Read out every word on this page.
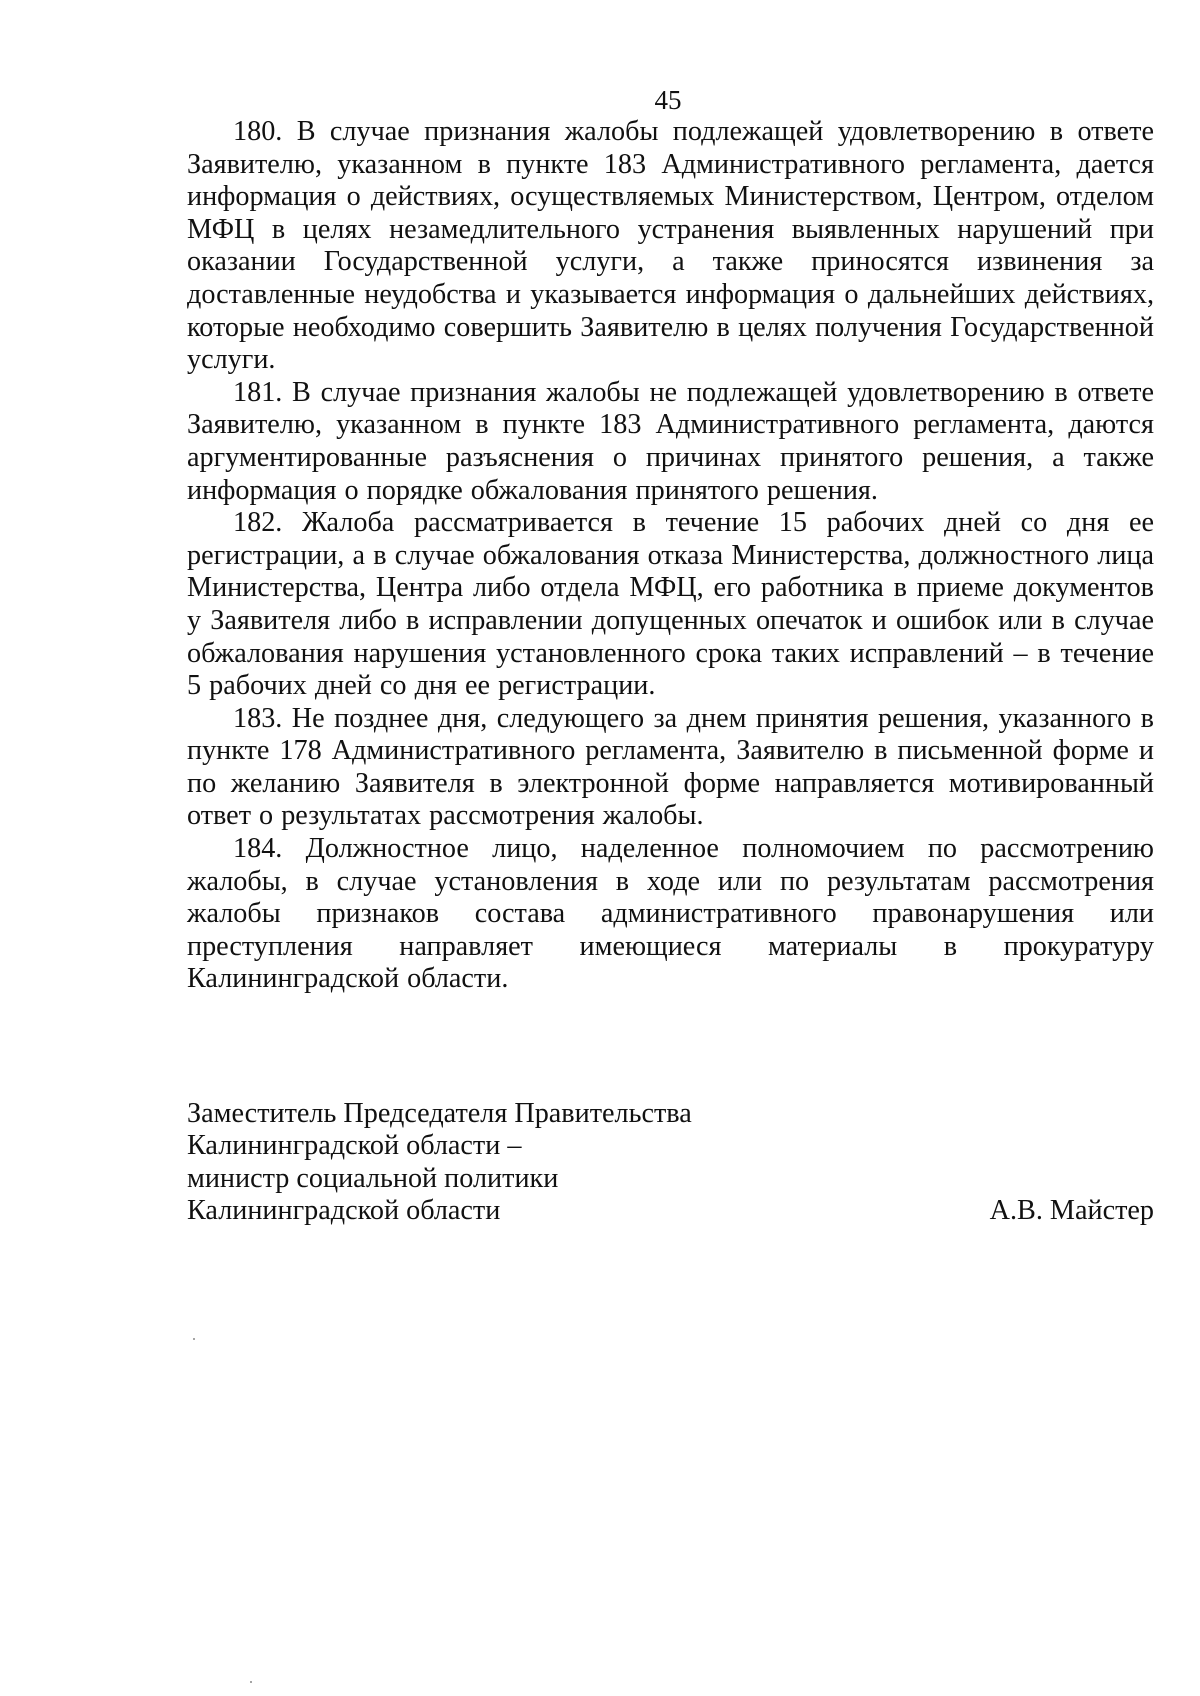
45

180. В случае признания жалобы подлежащей удовлетворению в ответе Заявителю, указанном в пункте 183 Административного регламента, дается информация о действиях, осуществляемых Министерством, Центром, отделом МФЦ в целях незамедлительного устранения выявленных нарушений при оказании Государственной услуги, а также приносятся извинения за доставленные неудобства и указывается информация о дальнейших действиях, которые необходимо совершить Заявителю в целях получения Государственной услуги.

181. В случае признания жалобы не подлежащей удовлетворению в ответе Заявителю, указанном в пункте 183 Административного регламента, даются аргументированные разъяснения о причинах принятого решения, а также информация о порядке обжалования принятого решения.

182. Жалоба рассматривается в течение 15 рабочих дней со дня ее регистрации, а в случае обжалования отказа Министерства, должностного лица Министерства, Центра либо отдела МФЦ, его работника в приеме документов у Заявителя либо в исправлении допущенных опечаток и ошибок или в случае обжалования нарушения установленного срока таких исправлений – в течение 5 рабочих дней со дня ее регистрации.

183. Не позднее дня, следующего за днем принятия решения, указанного в пункте 178 Административного регламента, Заявителю в письменной форме и по желанию Заявителя в электронной форме направляется мотивированный ответ о результатах рассмотрения жалобы.

184. Должностное лицо, наделенное полномочием по рассмотрению жалобы, в случае установления в ходе или по результатам рассмотрения жалобы признаков состава административного правонарушения или преступления направляет имеющиеся материалы в прокуратуру Калининградской области.

Заместитель Председателя Правительства
Калининградской области –
министр социальной политики
Калининградской области	А.В. Майстер
